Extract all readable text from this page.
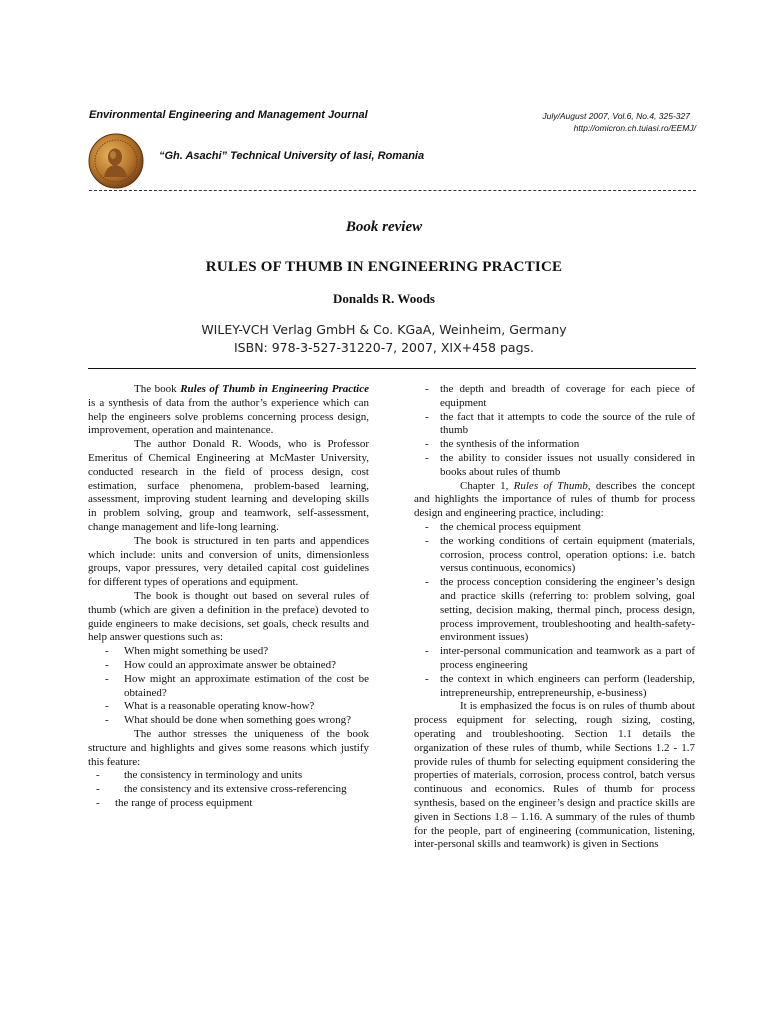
Environmental Engineering and Management Journal	July/August 2007, Vol.6, No.4, 325-327
http://omicron.ch.tuiasi.ro/EEMJ/
“Gh. Asachi” Technical University of Iasi, Romania
Book review
RULES OF THUMB IN ENGINEERING PRACTICE
Donalds R. Woods
WILEY-VCH Verlag GmbH & Co. KGaA, Weinheim, Germany
ISBN: 978-3-527-31220-7, 2007, XIX+458 pags.

The book Rules of Thumb in Engineering Practice is a synthesis of data from the author’s experience which can help the engineers solve problems concerning process design, improvement, operation and maintenance.

The author Donald R. Woods, who is Professor Emeritus of Chemical Engineering at McMaster University, conducted research in the field of process design, cost estimation, surface phenomena, problem-based learning, assessment, improving student learning and developing skills in problem solving, group and teamwork, self-assessment, change management and life-long learning.

The book is structured in ten parts and appendices which include: units and conversion of units, dimensionless groups, vapor pressures, very detailed capital cost guidelines for different types of operations and equipment.

The book is thought out based on several rules of thumb (which are given a definition in the preface) devoted to guide engineers to make decisions, set goals, check results and help answer questions such as:

- When might something be used?
- How could an approximate answer be obtained?
- How might an approximate estimation of the cost be obtained?
- What is a reasonable operating know-how?
- What should be done when something goes wrong?

The author stresses the uniqueness of the book structure and highlights and gives some reasons which justify this feature:

- the consistency in terminology and units
- the consistency and its extensive cross-referencing
- the range of process equipment
- the depth and breadth of coverage for each piece of equipment
- the fact that it attempts to code the source of the rule of thumb
- the synthesis of the information
- the ability to consider issues not usually considered in books about rules of thumb

Chapter 1, Rules of Thumb, describes the concept and highlights the importance of rules of thumb for process design and engineering practice, including:

- the chemical process equipment
- the working conditions of certain equipment (materials, corrosion, process control, operation options: i.e. batch versus continuous, economics)
- the process conception considering the engineer’s design and practice skills (referring to: problem solving, goal setting, decision making, thermal pinch, process design, process improvement, troubleshooting and health-safety-environment issues)
- inter-personal communication and teamwork as a part of process engineering
- the context in which engineers can perform (leadership, intrepreneurship, entrepreneurship, e-business)

It is emphasized the focus is on rules of thumb about process equipment for selecting, rough sizing, costing, operating and troubleshooting. Section 1.1 details the organization of these rules of thumb, while Sections 1.2 - 1.7 provide rules of thumb for selecting equipment considering the properties of materials, corrosion, process control, batch versus continuous and economics. Rules of thumb for process synthesis, based on the engineer’s design and practice skills are given in Sections 1.8 – 1.16. A summary of the rules of thumb for the people, part of engineering (communication, listening, inter-personal skills and teamwork) is given in Sections
